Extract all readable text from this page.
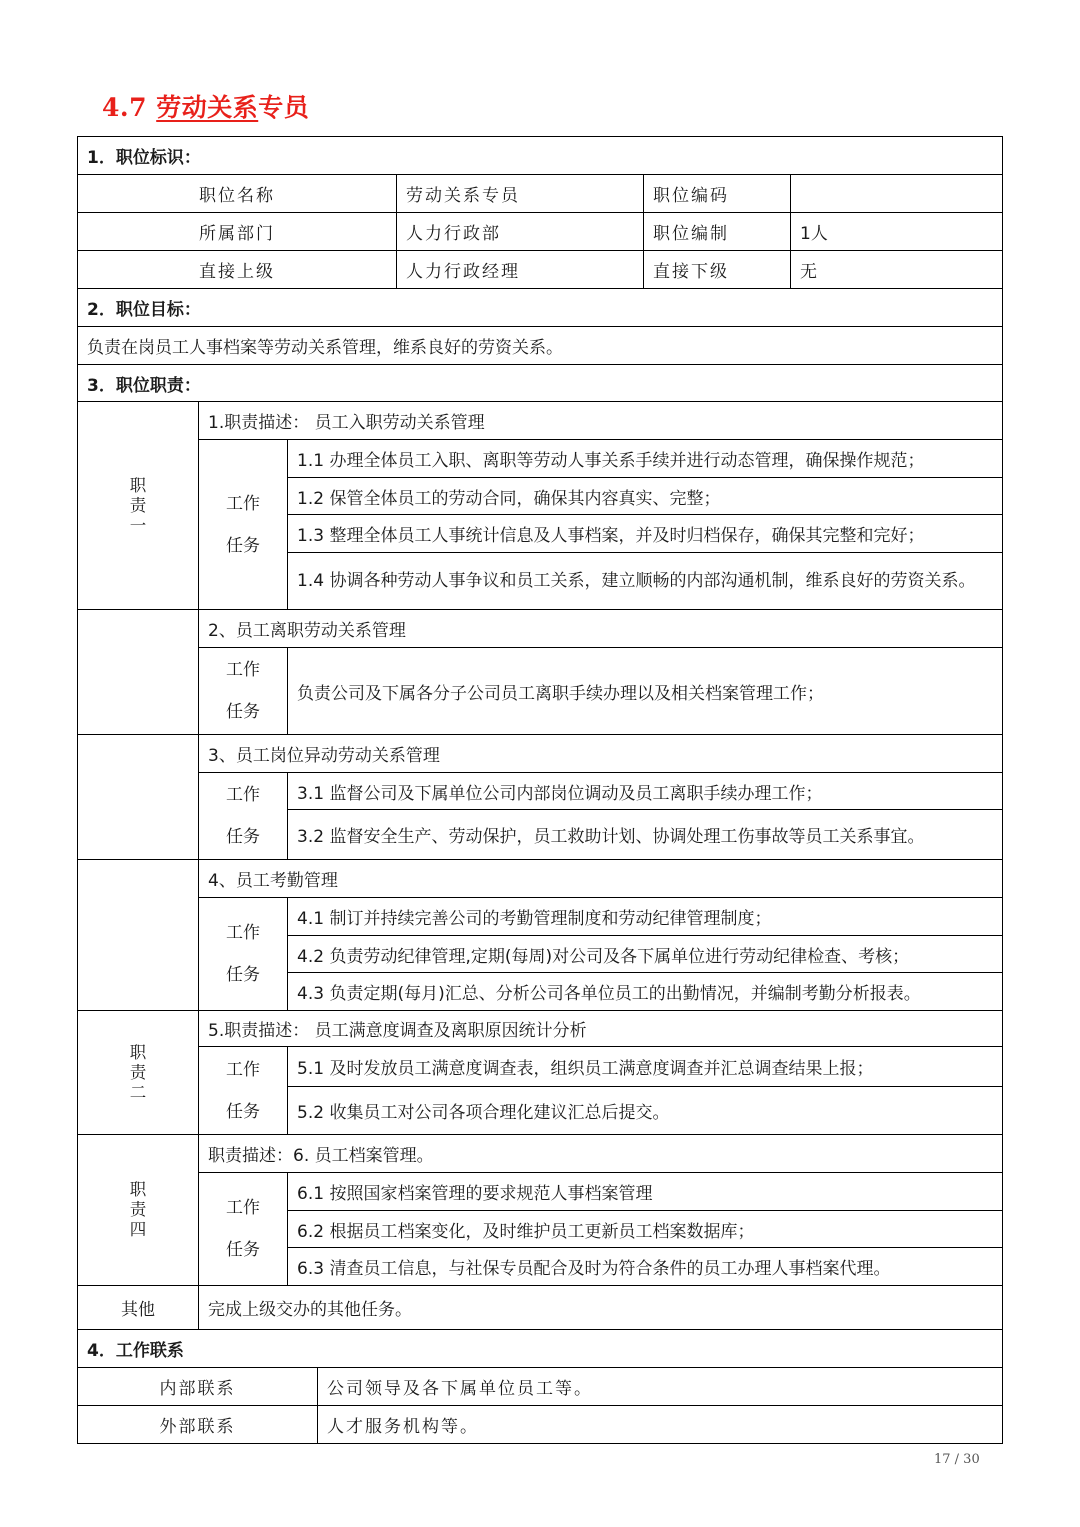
4.7 劳动关系专员
1．职位标识：						
职位名称				劳动关系专员	职位编码	
所属部门				人力行政部	职位编制	1人
直接上级				人力行政经理	直接下级	无
2．职位目标：						
负责在岗员工人事档案等劳动关系管理，维系良好的劳资关系。						
3．职位职责：						
职责一	1.职责描述： 员工入职劳动关系管理					

	工作
任务	1.1 办理全体员工入职、离职等劳动人事关系手续并进行动态管理，确保操作规范；				
		1.2 保管全体员工的劳动合同，确保其内容真实、完整；				
		1.3 整理全体员工人事统计信息及人事档案，并及时归档保存，确保其完整和完好；				
		1.4 协调各种劳动人事争议和员工关系，建立顺畅的内部沟通机制，维系良好的劳资关系。				
	2、员工离职劳动关系管理					

	工作
任务	负责公司及下属各分子公司员工离职手续办理以及相关档案管理工作；				
	3、员工岗位异动劳动关系管理					

	工作
任务	3.1 监督公司及下属单位公司内部岗位调动及员工离职手续办理工作；				
		3.2 监督安全生产、劳动保护，员工救助计划、协调处理工伤事故等员工关系事宜。				
	4、员工考勤管理					

	工作
任务	4.1 制订并持续完善公司的考勤管理制度和劳动纪律管理制度；				
		4.2 负责劳动纪律管理,定期(每周)对公司及各下属单位进行劳动纪律检查、考核；				
		4.3 负责定期(每月)汇总、分析公司各单位员工的出勤情况，并编制考勤分析报表。				
职责二	5.职责描述： 员工满意度调查及离职原因统计分析					

	工作
任务	5.1 及时发放员工满意度调查表，组织员工满意度调查并汇总调查结果上报；				
		5.2 收集员工对公司各项合理化建议汇总后提交。				
职责四	职责描述：6. 员工档案管理。					

	工作
任务	6.1 按照国家档案管理的要求规范人事档案管理				
		6.2 根据员工档案变化，及时维护员工更新员工档案数据库；				
		6.3 清查员工信息，与社保专员配合及时为符合条件的员工办理人事档案代理。				
其他	完成上级交办的其他任务。					
4．工作联系						
内部联系			公司领导及各下属单位员工等。			
外部联系			人才服务机构等。			
17 / 30
